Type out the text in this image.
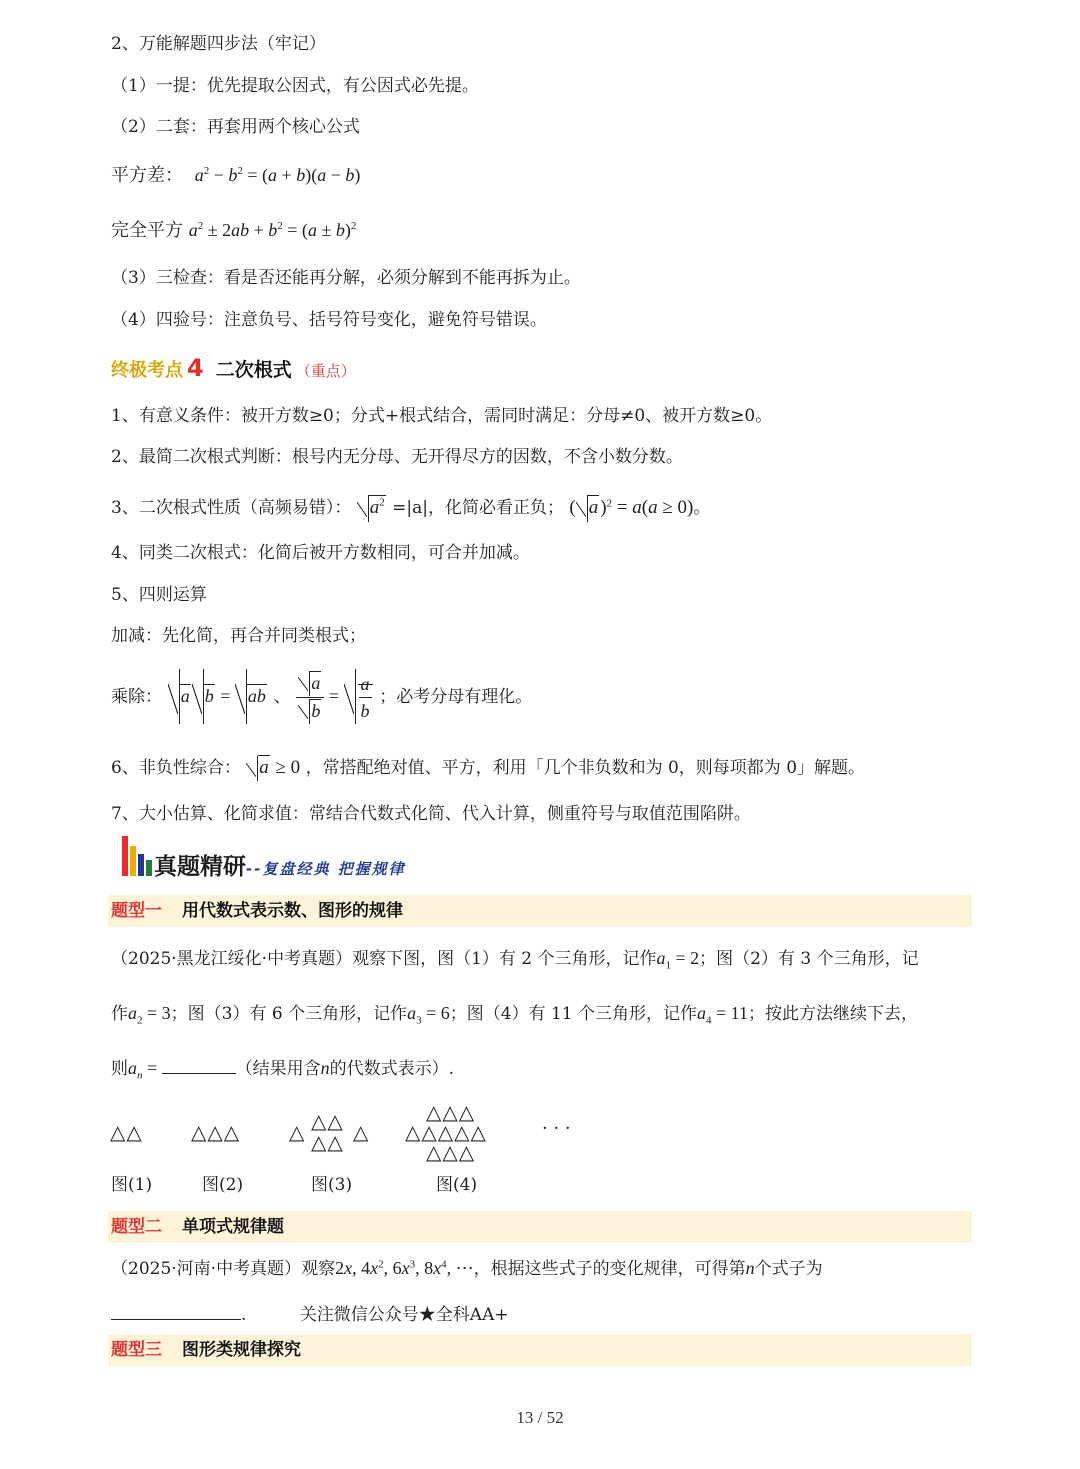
2、万能解题四步法（牢记）
（1）一提：优先提取公因式，有公因式必先提。
（2）二套：再套用两个核心公式
平方差： $a^2 - b^2 = (a + b)(a - b)$
完全平方 $a^2 \pm 2ab + b^2 = (a \pm b)^2$
（3）三检查：看是否还能再分解，必须分解到不能再拆为止。
（4）四验号：注意负号、括号符号变化，避免符号错误。
终极考点 4 二次根式 （重点）
1、有意义条件：被开方数≥0；分式+根式结合，需同时满足：分母≠0、被开方数≥0。
2、最简二次根式判断：根号内无分母、无开得尽方的因数，不含小数分数。
3、二次根式性质（高频易错）： $a^2 =|a|$，化简必看正负； ( a )$^2$ = a(a ≥ 0)。
4、同类二次根式：化简后被开方数相同，可合并加减。
5、四则运算
加减：先化简，再合并同类根式；
乘除： a b = ab 、 $\frac{a}{b} = \frac{a}{b}$ ；必考分母有理化。
6、非负性综合： a ≥ 0 ，常搭配绝对值、平方，利用「几个非负数和为 0，则每项都为 0」解题。
7、大小估算、化简求值：常结合代数式化简、代入计算，侧重符号与取值范围陷阱。
真题精研--复盘经典 把握规律
题型一 用代数式表示数、图形的规律
（2025·黑龙江绥化·中考真题）观察下图，图（1）有 2 个三角形，记作$a_1 = 2$；图（2）有 3 个三角形，记
作$a_2 = 3$；图（3）有 6 个三角形，记作$a_3 = 6$；图（4）有 11 个三角形，记作$a_4 = 11$；按此方法继续下去，
则$a_n$ =	（结果用含n的代数式表示）.
△△ △△△	△△
△ △
△△
△△△
△△△△△
△△△
· · ·
图(1)	图(2)	图(3)	图(4)
题型二 单项式规律题
（2025·河南·中考真题）观察2x, $4x^2$, $6x^3$, $8x^4$, ⋯，根据这些式子的变化规律，可得第n个式子为
.	关注微信公众号★全科AA+
题型三 图形类规律探究
13 / 52
